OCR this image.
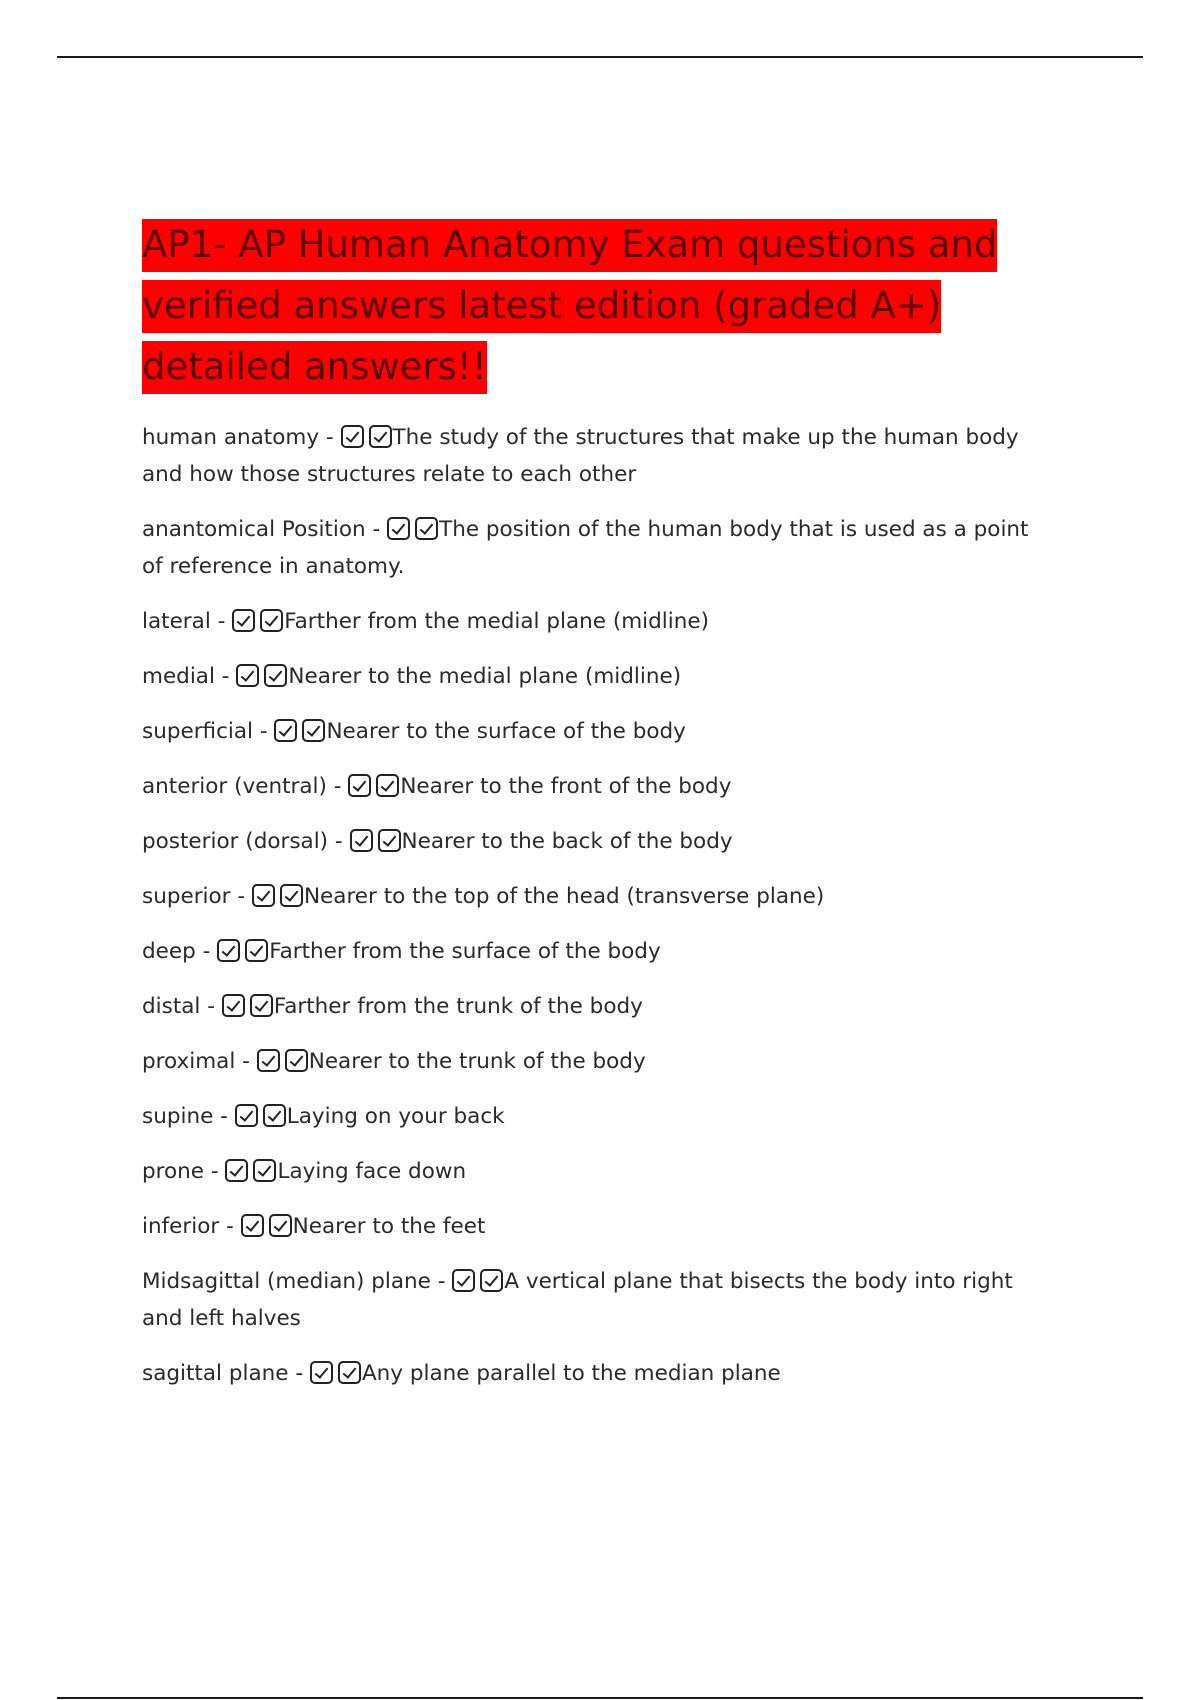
AP1- AP Human Anatomy Exam questions and verified answers latest edition (graded A+) detailed answers!!
human anatomy - The study of the structures that make up the human body and how those structures relate to each other
anantomical Position - The position of the human body that is used as a point of reference in anatomy.
lateral - Farther from the medial plane (midline)
medial - Nearer to the medial plane (midline)
superficial - Nearer to the surface of the body
anterior (ventral) - Nearer to the front of the body
posterior (dorsal) - Nearer to the back of the body
superior - Nearer to the top of the head (transverse plane)
deep - Farther from the surface of the body
distal - Farther from the trunk of the body
proximal - Nearer to the trunk of the body
supine - Laying on your back
prone - Laying face down
inferior - Nearer to the feet
Midsagittal (median) plane - A vertical plane that bisects the body into right and left halves
sagittal plane - Any plane parallel to the median plane
